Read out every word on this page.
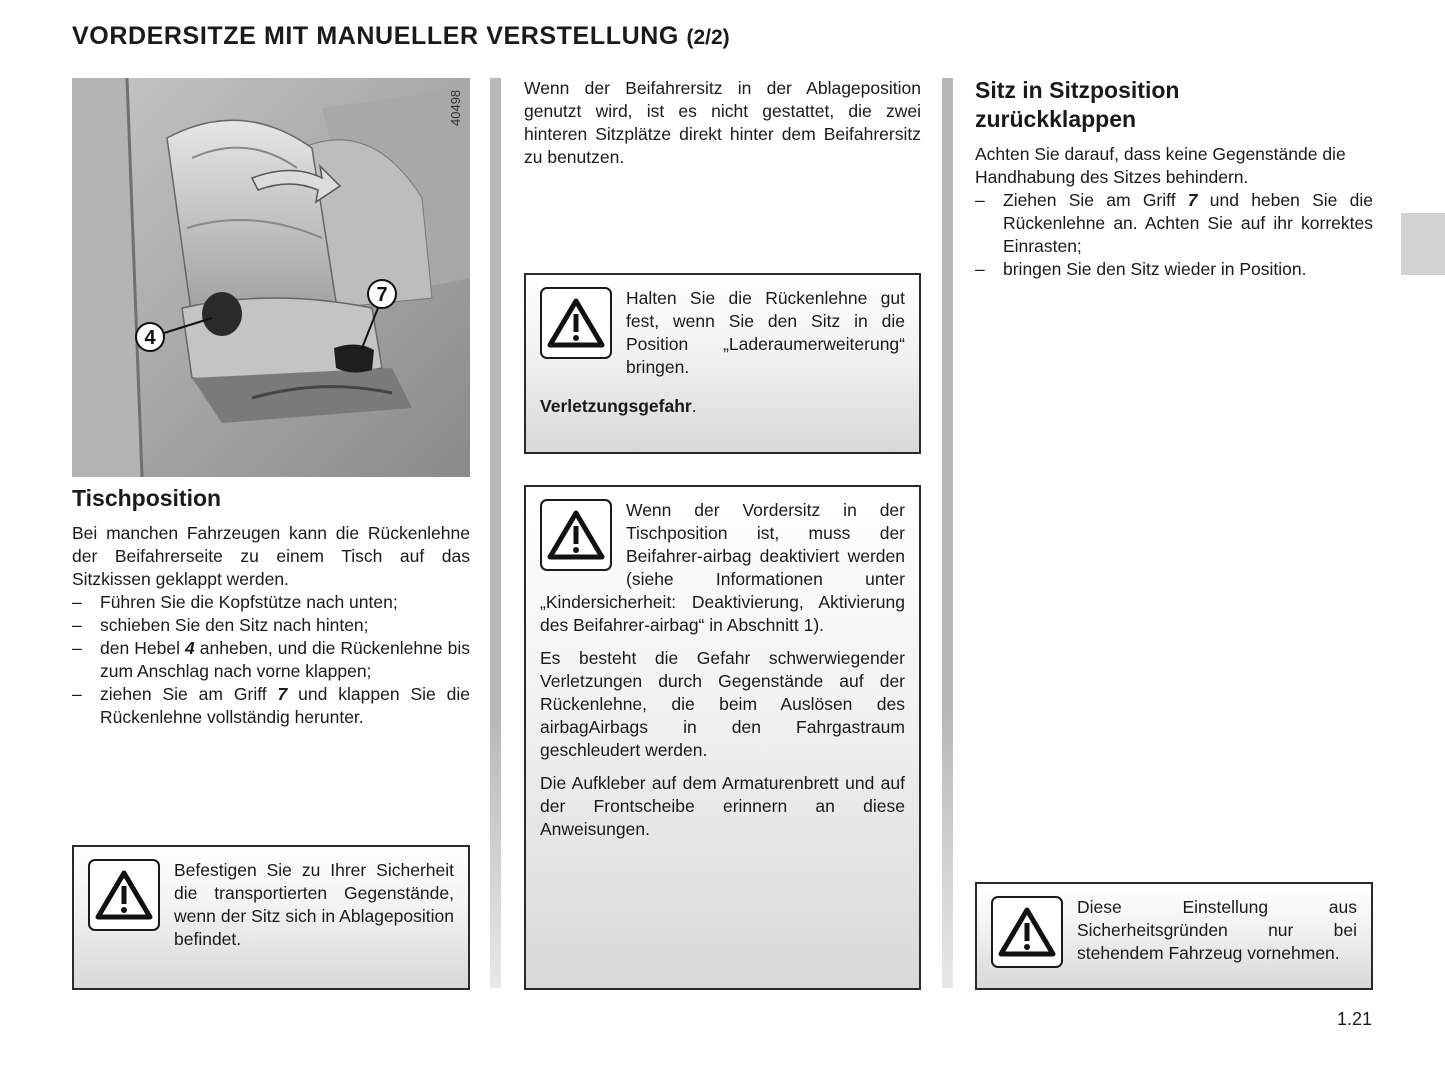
VORDERSITZE MIT MANUELLER VERSTELLUNG (2/2)
40498
4
7
Tischposition

Bei manchen Fahrzeugen kann die Rückenlehne der Beifahrerseite zu einem Tisch auf das Sitzkissen geklappt werden.

– Führen Sie die Kopfstütze nach unten;
– schieben Sie den Sitz nach hinten;
– den Hebel 4 anheben, und die Rückenlehne bis zum Anschlag nach vorne klappen;
– ziehen Sie am Griff 7 und klappen Sie die Rückenlehne vollständig herunter.

Befestigen Sie zu Ihrer Sicherheit die transportierten Gegenstände, wenn der Sitz sich in Ablageposition befindet.

Wenn der Beifahrersitz in der Ablageposition genutzt wird, ist es nicht gestattet, die zwei hinteren Sitzplätze direkt hinter dem Beifahrersitz zu benutzen.

Halten Sie die Rückenlehne gut fest, wenn Sie den Sitz in die Position „Laderaumerweiterung“ bringen.

Verletzungsgefahr.

Wenn der Vordersitz in der Tischposition ist, muss der Beifahrer-airbag deaktiviert werden (siehe Informationen unter „Kindersicherheit: Deaktivierung, Aktivierung des Beifahrer-airbag“ in Abschnitt 1).

Es besteht die Gefahr schwerwiegender Verletzungen durch Gegenstände auf der Rückenlehne, die beim Auslösen des airbagAirbags in den Fahrgastraum geschleudert werden.

Die Aufkleber auf dem Armaturenbrett und auf der Frontscheibe erinnern an diese Anweisungen.

Sitz in Sitzposition
zurückklappen

Achten Sie darauf, dass keine Gegenstände die Handhabung des Sitzes behindern.

– Ziehen Sie am Griff 7 und heben Sie die Rückenlehne an. Achten Sie auf ihr korrektes Einrasten;
– bringen Sie den Sitz wieder in Position.

Diese Einstellung aus Sicherheitsgründen nur bei stehendem Fahrzeug vornehmen.

1.21
